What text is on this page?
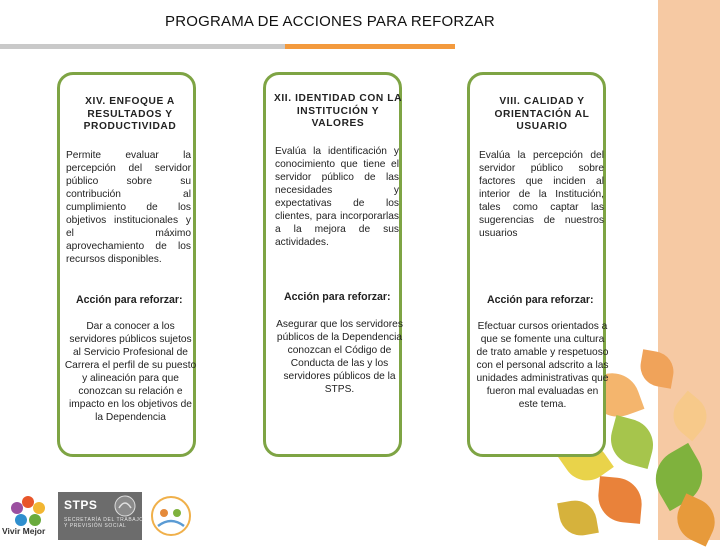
PROGRAMA DE ACCIONES PARA REFORZAR
XIV. ENFOQUE A RESULTADOS Y PRODUCTIVIDAD
Permite evaluar la percepción del servidor público sobre su contribución al cumplimiento de los objetivos institucionales y el máximo aprovechamiento de los recursos disponibles.
Acción para reforzar:
Dar a conocer a los servidores públicos sujetos al Servicio Profesional de Carrera el perfil de su puesto y alineación para que conozcan su relación e impacto en los objetivos de la Dependencia
XII. IDENTIDAD CON LA INSTITUCIÓN Y VALORES
Evalúa la identificación y conocimiento que tiene el servidor público de las necesidades y expectativas de los clientes, para incorporarlas a la mejora de sus actividades.
Acción para reforzar:
Asegurar que los servidores públicos de la Dependencia conozcan el Código de Conducta de las y los servidores públicos de la STPS.
VIII. CALIDAD Y ORIENTACIÓN AL USUARIO
Evalúa la percepción del servidor público sobre factores que inciden al interior de la Institución, tales como captar las sugerencias de nuestros usuarios
Acción para reforzar:
Efectuar cursos orientados a que se fomente una cultura de trato amable y respetuoso con el personal adscrito a las unidades administrativas que fueron mal evaluadas en este tema.
Vivir Mejor
STPS
SECRETARÍA DEL TRABAJO Y PREVISIÓN SOCIAL
